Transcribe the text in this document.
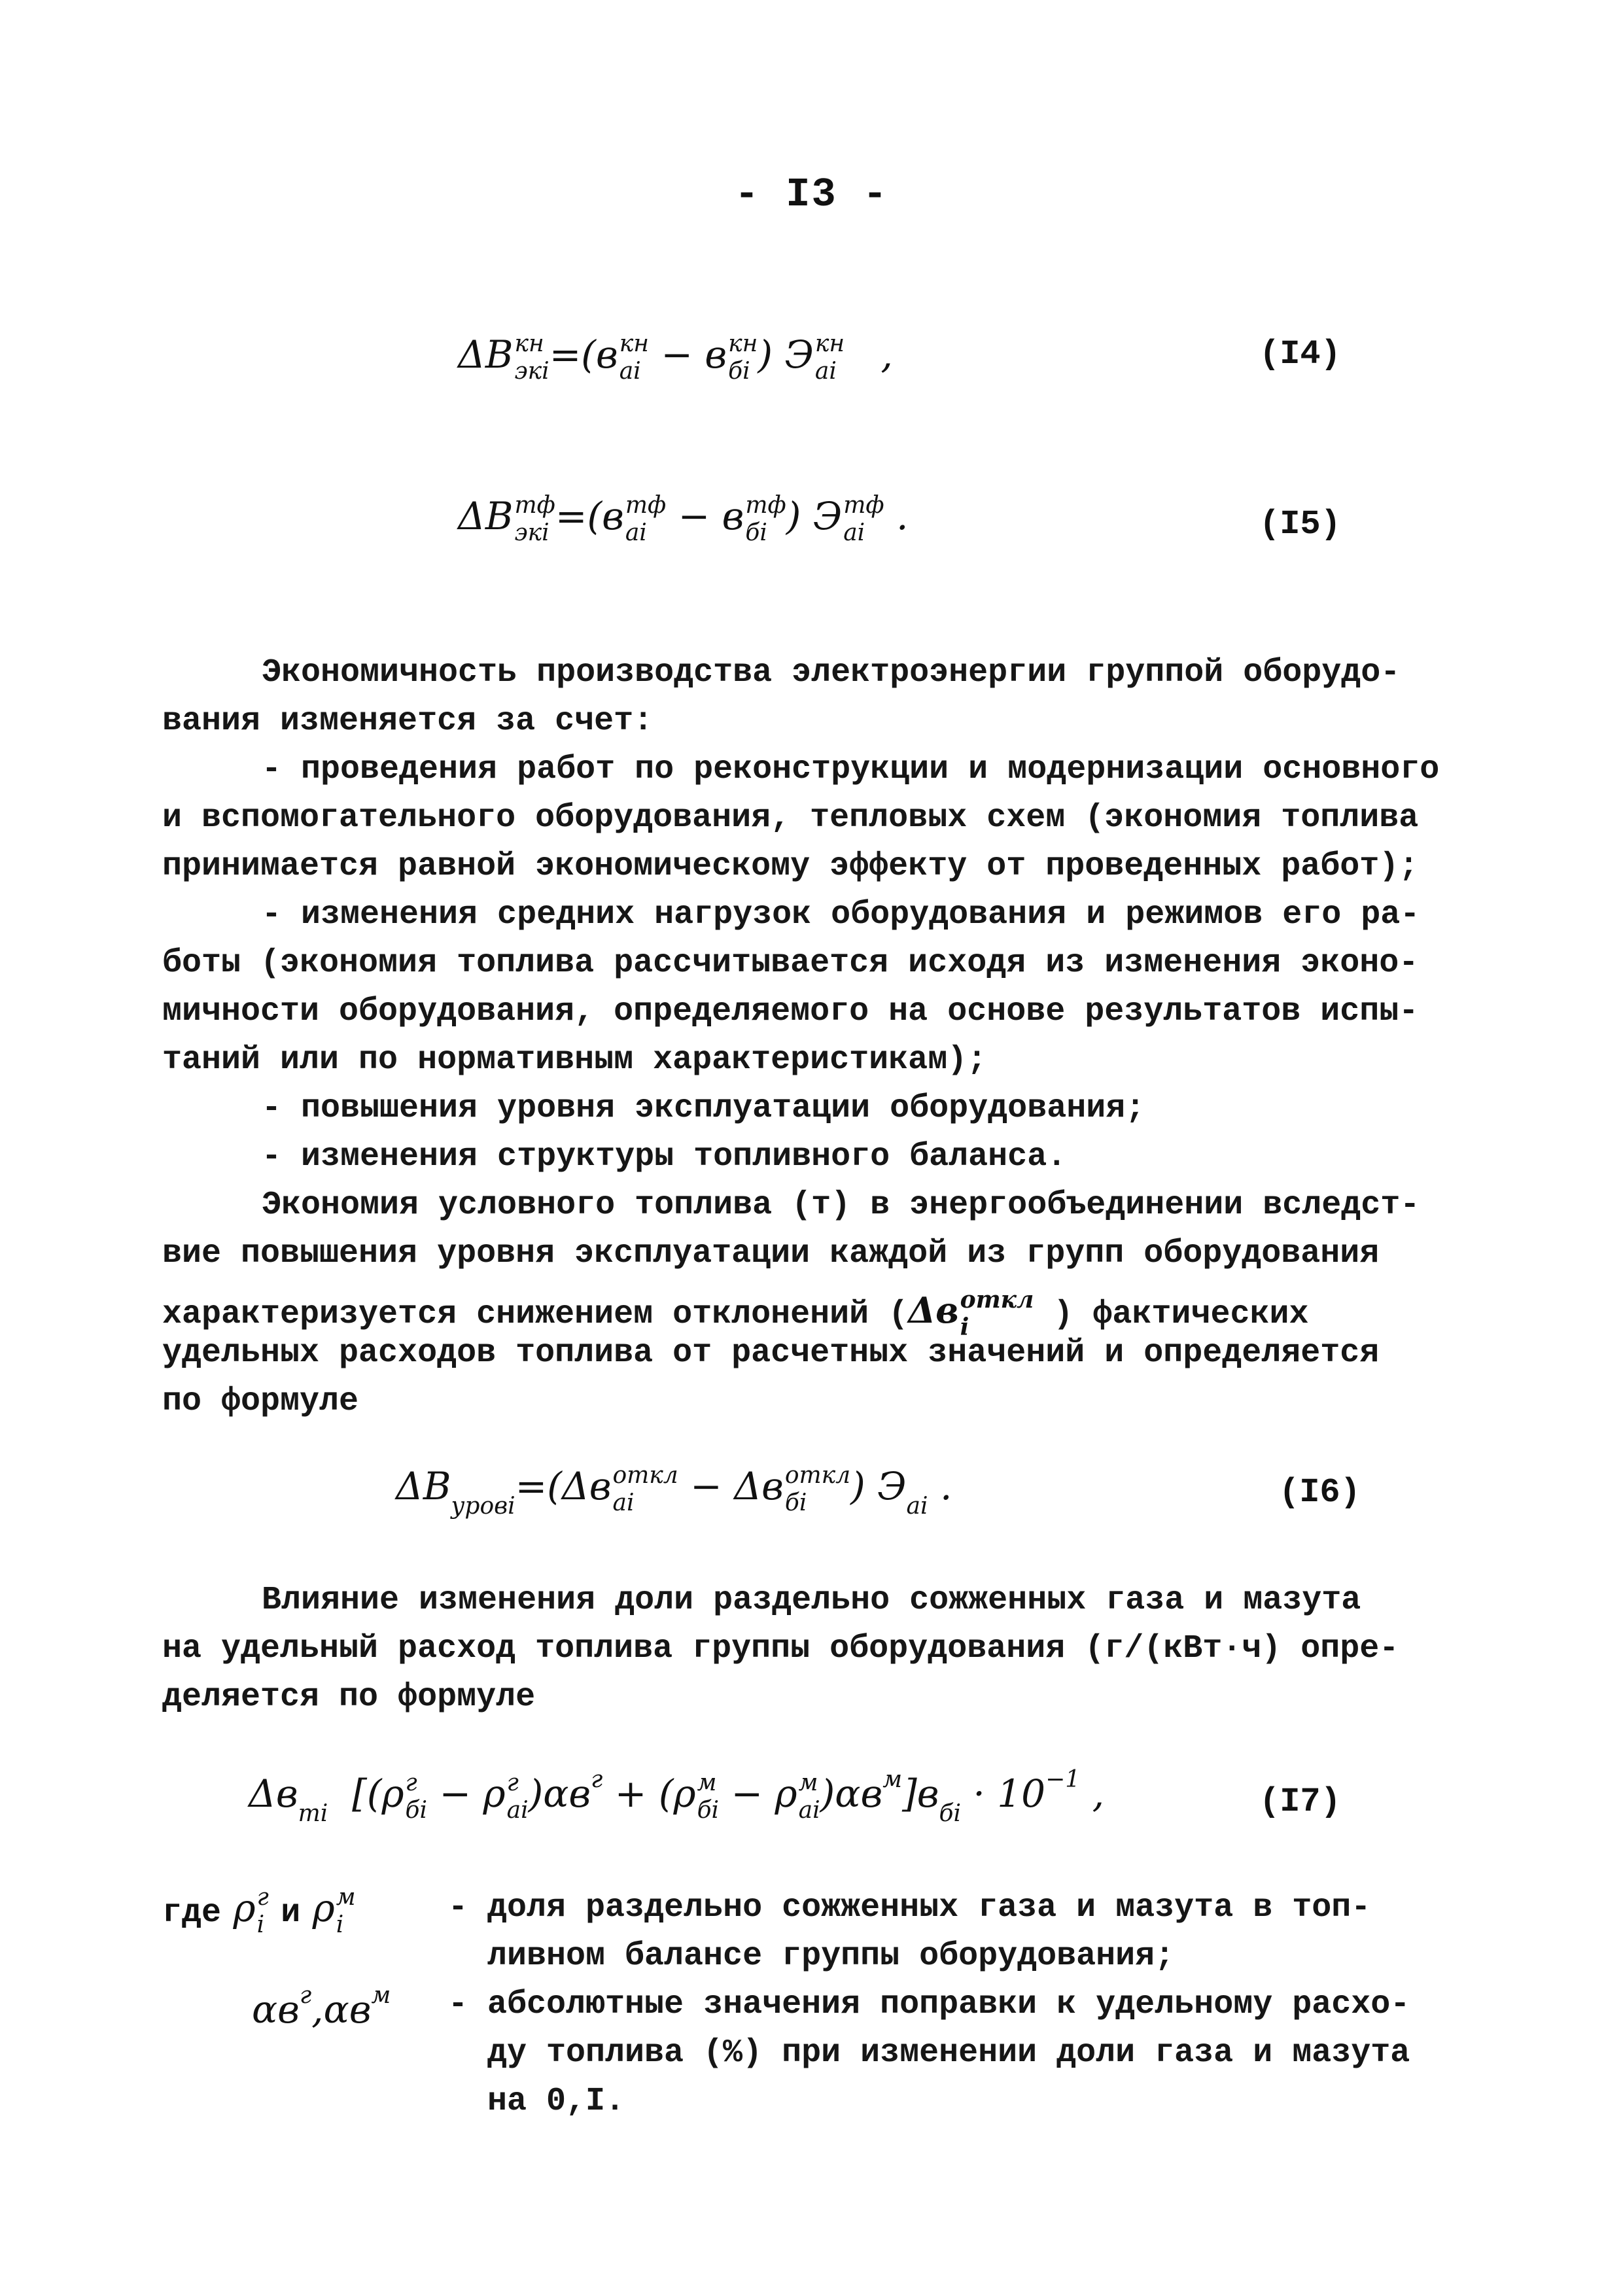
- I3 -
ΔB кн
экi =(в кн
ai − в кн
бi ) Э кн
ai ,	(I4)
ΔB тф
экi =(в тф
ai − в тф
бi ) Э тф
ai .	(I5)
Экономичность производства электроэнергии группой оборудо-
вания изменяется за счет:
- проведения работ по реконструкции и модернизации основного
и вспомогательного оборудования, тепловых схем (экономия топлива
принимается равной экономическому эффекту от проведенных работ);
- изменения средних нагрузок оборудования и режимов его ра-
боты (экономия топлива рассчитывается исходя из изменения эконо-
мичности оборудования, определяемого на основе результатов испы-
таний или по нормативным характеристикам);
- повышения уровня эксплуатации оборудования;
- изменения структуры топливного баланса.
Экономия условного топлива (т) в энергообъединении вследст-
вие повышения уровня эксплуатации каждой из групп оборудования
характеризуется снижением отклонений (Δв откл
i	) фактических
удельных расходов топлива от расчетных значений и определяется
по формуле
$\Delta B_{уровi}=(\Delta в$ откл
ai	− Δв откл
бi	) $Э_{ai}$ .	(I6)
Влияние изменения доли раздельно сожженных газа и мазута
на удельный расход топлива группы оборудования (г/(кВт·ч) опре-
деляется по формуле
$\Delta в_{тi}$  [(ρ г
бi − ρ г
ai )$\alpha в^г + (\rho$ м
бi − ρ м
ai )$\alpha в^м]в_{бi} \cdot 10^{-1}$ ,	(I7)
где ρ г
i и ρ м
i	- доля раздельно сожженных газа и мазута в топ-
ливном балансе группы оборудования;
$\alpha в^г,\alpha в^м$ - абсолютные значения поправки к удельному расхо-
ду топлива (%) при изменении доли газа и мазута
на 0,I.
